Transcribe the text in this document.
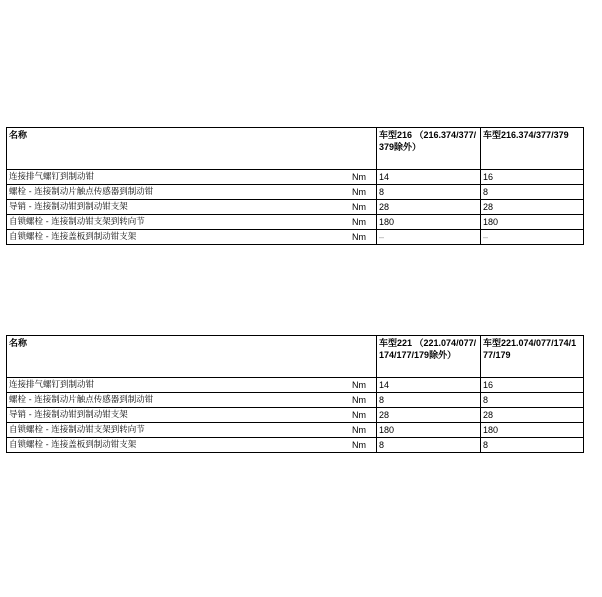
名称		车型216 （216.374/377/379除外）	车型216.374/377/379
连接排气螺钉到制动钳	Nm	14	16
螺栓 - 连接制动片触点传感器到制动钳	Nm	8	8
导销 - 连接制动钳到制动钳支架	Nm	28	28
自锁螺栓 - 连接制动钳支架到转向节	Nm	180	180
自锁螺栓 - 连接盖板到制动钳支架	Nm	–	–
名称		车型221 （221.074/077/174/177/179除外）	车型221.074/077/174/177/179
连接排气螺钉到制动钳	Nm	14	16
螺栓 - 连接制动片触点传感器到制动钳	Nm	8	8
导销 - 连接制动钳到制动钳支架	Nm	28	28
自锁螺栓 - 连接制动钳支架到转向节	Nm	180	180
自锁螺栓 - 连接盖板到制动钳支架	Nm	8	8
